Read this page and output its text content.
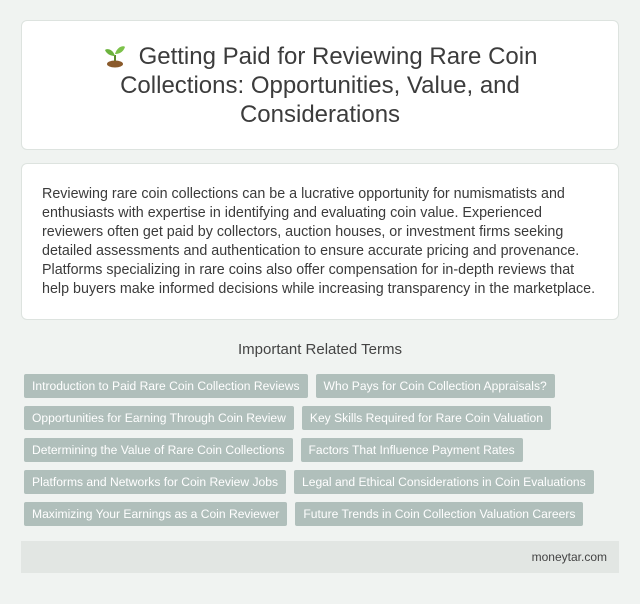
Getting Paid for Reviewing Rare Coin Collections: Opportunities, Value, and Considerations

Reviewing rare coin collections can be a lucrative opportunity for numismatists and enthusiasts with expertise in identifying and evaluating coin value. Experienced reviewers often get paid by collectors, auction houses, or investment firms seeking detailed assessments and authentication to ensure accurate pricing and provenance. Platforms specializing in rare coins also offer compensation for in-depth reviews that help buyers make informed decisions while increasing transparency in the marketplace.

Important Related Terms
Introduction to Paid Rare Coin Collection Reviews	Who Pays for Coin Collection Appraisals?
Opportunities for Earning Through Coin Review	Key Skills Required for Rare Coin Valuation
Determining the Value of Rare Coin Collections	Factors That Influence Payment Rates
Platforms and Networks for Coin Review Jobs	Legal and Ethical Considerations in Coin Evaluations
Maximizing Your Earnings as a Coin Reviewer	Future Trends in Coin Collection Valuation Careers
moneytar.com
